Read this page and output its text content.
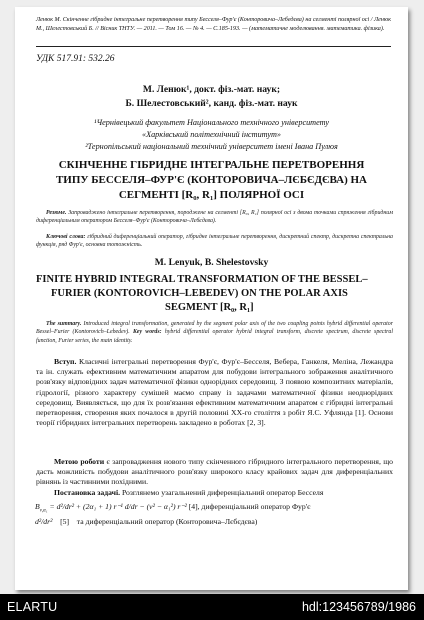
Ленюк М. Скінченне гібридне інтегральне перетворення типу Бесселя–Фур'є (Конторовича–Лебедєва) на сегменті полярної осі / Ленюк М., Шелестовський Б. // Вісник ТНТУ. — 2011. — Том 16. — № 4. — С.185-193. — (математичне моделювання. математика. фізика).
УДК 517.91: 532.26
М. Ленюк¹, докт. фіз.-мат. наук;
Б. Шелестовський², канд. фіз.-мат. наук
¹Чернівецький факультет Національного технічного університету
«Харківський політехнічний інститут»
²Тернопільський національний технічний університет імені Івана Пулюя
СКІНЧЕННЕ ГІБРИДНЕ ІНТЕГРАЛЬНЕ ПЕРЕТВОРЕННЯ
ТИПУ БЕССЕЛЯ–ФУР'Є (КОНТОРОВИЧА–ЛЄБЄДЄВА) НА
СЕГМЕНТІ [R₀, R₁] ПОЛЯРНОЇ ОСІ
Резюме. Запроваджено інтегральне перетворення, породжене на сегменті [R₀, R₁] полярної осі з двома точками спряження гібридним диференціальним оператором Бесселя–Фур'є (Конторовича–Лєбєдєва).
Ключові слова: гібридний диференціальний оператор, гібридне інтегральне перетворення, дискретний спектр, дискретна спектральна функція, ряд Фур'є, основна тотожність.
M. Lenyuk, B. Shelestovsky
FINITE HYBRID INTEGRAL TRANSFORMATION OF THE BESSEL–
FURIER (KONTOROVICH–LEBEDEV) ON THE POLAR AXIS
SEGMENT [R₀, R₁]
The summary. Introduced integral transformation, generated by the segment polar axis of the two coupling points hybrid differential operator Bessel–Furier (Kontorovich–Lebedev). Key words: hybrid differential operator hybrid integral transform, discrete spectrum, discrete spectral function, Furier series, the main identity.
Вступ. Класичні інтегральні перетворення Фур'є, Фур'є–Бесселя, Вебера, Ганкеля, Меліна, Лежандра та ін. служать ефективним математичним апаратом для побудови інтегрального зображення аналітичного розв'язку відповідних задач математичної фізики однорідних середовищ. З появою композитних матеріалів, гідрології, різного характеру сумішей маємо справу із задачами математичної фізики неоднорідних середовищ. Виявляється, що для їх розв'язання ефективним математичним апаратом є гібридні інтегральні перетворення, створення яких почалося в другій половині XX-го століття з робіт Я.С. Уфлянда [1]. Основи теорії гібридних інтегральних перетворень закладено в роботах [2, 3].
Метою роботи є запровадження нового типу скінченного гібридного інтегрального перетворення, що дасть можливість побудови аналітичного розв'язку широкого класу крайових задач для диференціальних рівнянь із частинними похідними.
Постановка задачі. Розглянемо узагальнений диференціальний оператор Бесселя
$B_{\nu,\alpha_1} = d^2/dr^2 + (2\alpha_1 + 1)$ r⁻¹ d/dr − (ν² − α₁²) r⁻² [4], диференціальний оператор Фур'є
d²/dr² [5] та диференціальний оператор (Конторовича–Лєбєдєва)
ELARTU	hdl:123456789/1986
